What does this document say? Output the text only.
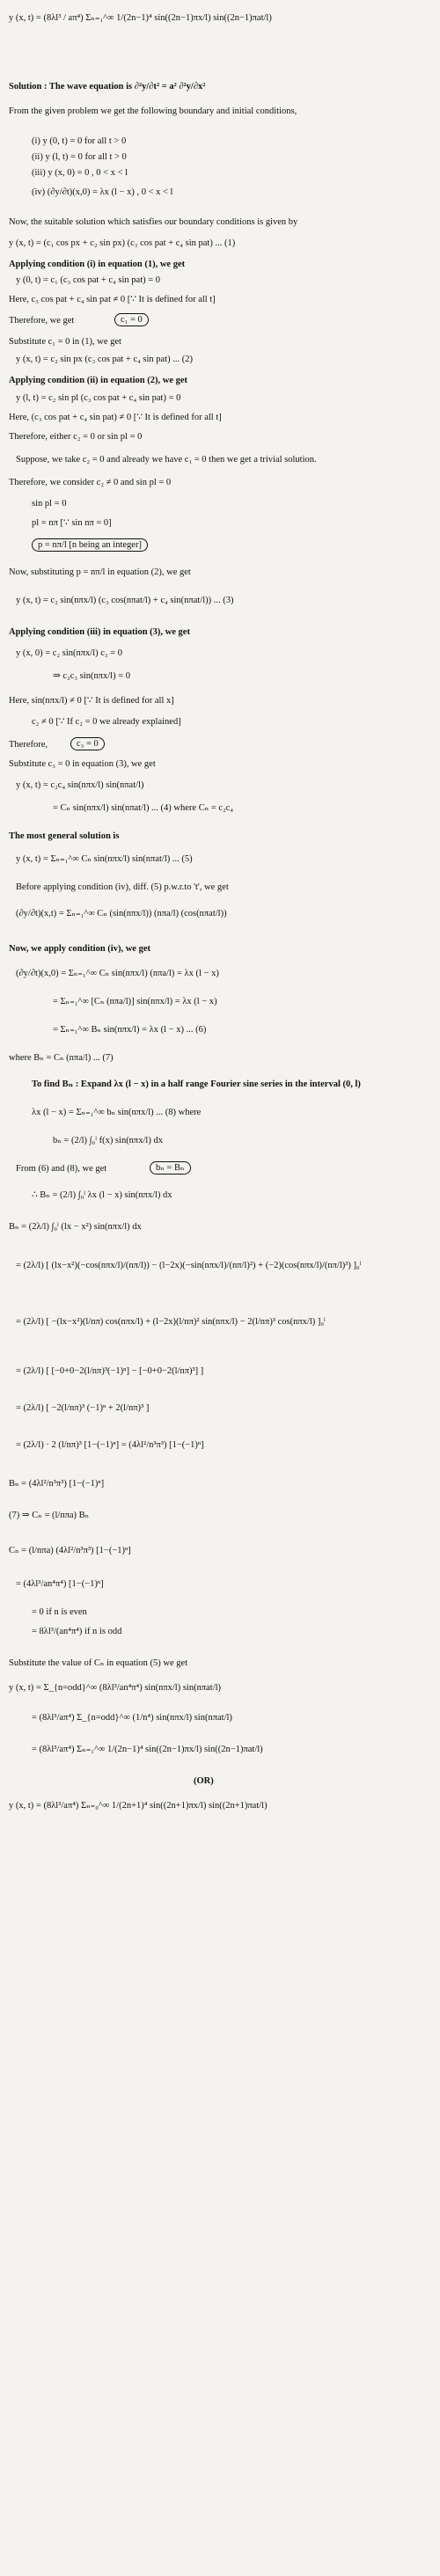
y (x, t) = (8λl³ / aπ⁴) Σₙ₌₁^∞ 1/(2n−1)⁴ sin((2n−1)πx/l) sin((2n−1)πat/l)
Solution : The wave equation is ∂²y/∂t² = a² ∂²y/∂x²
From the given problem we get the following boundary and initial conditions,
(i) y (0, t) = 0 for all t > 0
(ii) y (l, t) = 0 for all t > 0
(iii) y (x, 0) = 0 , 0 < x < l
(iv) (∂y/∂t)(x,0) = λx (l − x) , 0 < x < l
Now, the suitable solution which satisfies our boundary conditions is given by
y (x, t) = (c₁ cos px + c₂ sin px) (c₃ cos pat + c₄ sin pat) ... (1)
Applying condition (i) in equation (1), we get
y (0, t) = c₁ (c₃ cos pat + c₄ sin pat) = 0
Here, c₃ cos pat + c₄ sin pat ≠ 0 [∵ It is defined for all t]
Therefore, we get	c₁ = 0
Substitute c₁ = 0 in (1), we get
y (x, t) = c₂ sin px (c₃ cos pat + c₄ sin pat) ... (2)
Applying condition (ii) in equation (2), we get
y (l, t) = c₂ sin pl (c₃ cos pat + c₄ sin pat) = 0
Here, (c₃ cos pat + c₄ sin pat) ≠ 0 [∵ It is defined for all t]
Therefore, either c₂ = 0 or sin pl = 0
Suppose, we take c₂ = 0 and already we have c₁ = 0 then we get a trivial solution.
Therefore, we consider c₂ ≠ 0 and sin pl = 0
sin pl = 0
pl = nπ [∵ sin nπ = 0]
p = nπ/l [n being an integer]
Now, substituting p = nπ/l in equation (2), we get
y (x, t) = c₂ sin(nπx/l) (c₃ cos(nπat/l) + c₄ sin(nπat/l)) ... (3)
Applying condition (iii) in equation (3), we get
y (x, 0) = c₂ sin(nπx/l) c₃ = 0
⇒ c₂c₃ sin(nπx/l) = 0
Here, sin(nπx/l) ≠ 0 [∵ It is defined for all x]
c₂ ≠ 0 [∵ If c₂ = 0 we already explained]
Therefore,	c₃ = 0
Substitute c₃ = 0 in equation (3), we get
y (x, t) = c₂c₄ sin(nπx/l) sin(nπat/l)
= Cₙ sin(nπx/l) sin(nπat/l) ... (4) where Cₙ = c₂c₄
The most general solution is
y (x, t) = Σₙ₌₁^∞ Cₙ sin(nπx/l) sin(nπat/l) ... (5)
Before applying condition (iv), diff. (5) p.w.r.to 't', we get
(∂y/∂t)(x,t) = Σₙ₌₁^∞ Cₙ (sin(nπx/l)) (nπa/l) (cos(nπat/l))
Now, we apply condition (iv), we get
(∂y/∂t)(x,0) = Σₙ₌₁^∞ Cₙ sin(nπx/l) (nπa/l) = λx (l − x)
= Σₙ₌₁^∞ [Cₙ (nπa/l)] sin(nπx/l) = λx (l − x)
= Σₙ₌₁^∞ Bₙ sin(nπx/l) = λx (l − x) ... (6)
where Bₙ = Cₙ (nπa/l) ... (7)
To find Bₙ : Expand λx (l − x) in a half range Fourier sine series in the interval (0, l)
λx (l − x) = Σₙ₌₁^∞ bₙ sin(nπx/l) ... (8) where
bₙ = (2/l) ∫₀ˡ f(x) sin(nπx/l) dx
From (6) and (8), we get	bₙ = Bₙ
∴ Bₙ = (2/l) ∫₀ˡ λx (l − x) sin(nπx/l) dx
Bₙ = (2λ/l) ∫₀ˡ (lx − x²) sin(nπx/l) dx
= (2λ/l) [ (lx−x²)(−cos(nπx/l)/(nπ/l)) − (l−2x)(−sin(nπx/l)/(nπ/l)²) + (−2)(cos(nπx/l)/(nπ/l)³) ]₀ˡ
= (2λ/l) [ −(lx−x²)(l/nπ) cos(nπx/l) + (l−2x)(l/nπ)² sin(nπx/l) − 2(l/nπ)³ cos(nπx/l) ]₀ˡ
= (2λ/l) [ [−0+0−2(l/nπ)³(−1)ⁿ] − [−0+0−2(l/nπ)³] ]
= (2λ/l) [ −2(l/nπ)³ (−1)ⁿ + 2(l/nπ)³ ]
= (2λ/l) · 2 (l/nπ)³ [1−(−1)ⁿ] = (4λl²/n³π³) [1−(−1)ⁿ]
Bₙ = (4λl²/n³π³) [1−(−1)ⁿ]
(7) ⇒ Cₙ = (l/nπa) Bₙ
Cₙ = (l/nπa) (4λl²/n³π³) [1−(−1)ⁿ]
= (4λl³/an⁴π⁴) [1−(−1)ⁿ]
= 0 if n is even
= 8λl³/(an⁴π⁴) if n is odd
Substitute the value of Cₙ in equation (5) we get
y (x, t) = Σ_{n=odd}^∞ (8λl³/an⁴π⁴) sin(nπx/l) sin(nπat/l)
= (8λl³/aπ⁴) Σ_{n=odd}^∞ (1/n⁴) sin(nπx/l) sin(nπat/l)
= (8λl³/aπ⁴) Σₙ₌₁^∞ 1/(2n−1)⁴ sin((2n−1)πx/l) sin((2n−1)πat/l)
(OR)
y (x, t) = (8λl³/aπ⁴) Σₙ₌₀^∞ 1/(2n+1)⁴ sin((2n+1)πx/l) sin((2n+1)πat/l)
